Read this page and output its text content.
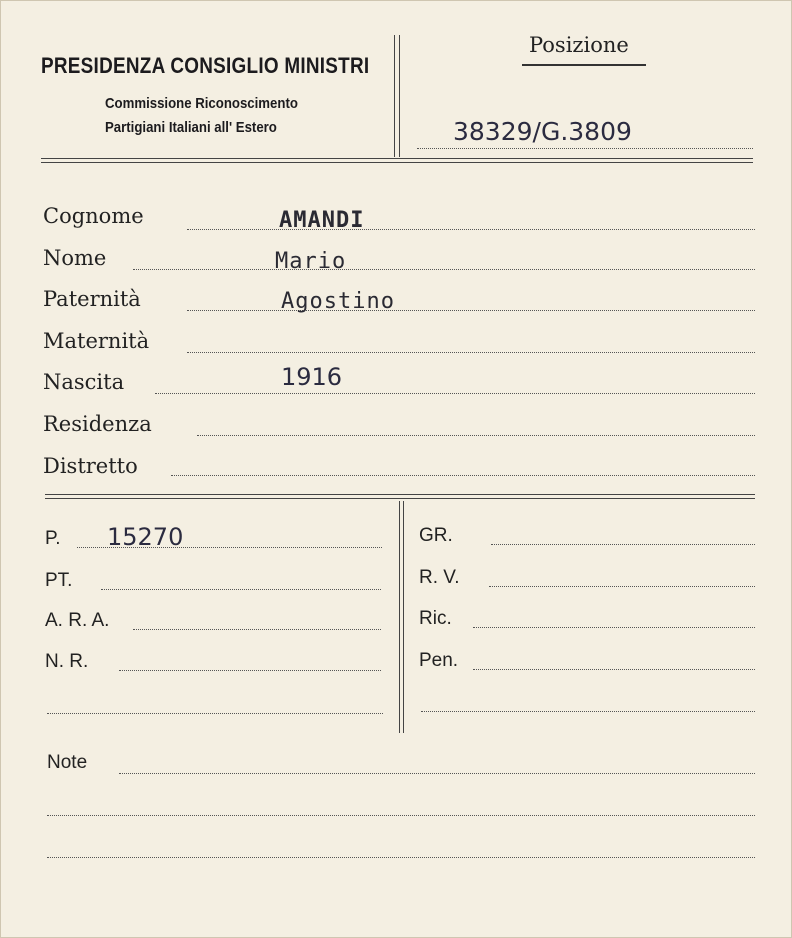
PRESIDENZA CONSIGLIO MINISTRI
Commissione Riconoscimento
Partigiani Italiani all' Estero
Posizione
38329/G.3809
Cognome	AMANDI
Nome	Mario
Paternità	Agostino
Maternità
Nascita	1916
Residenza
Distretto
P. 15270
PT.
A. R. A.
N. R.
GR.
R. V.
Ric.
Pen.
Note
